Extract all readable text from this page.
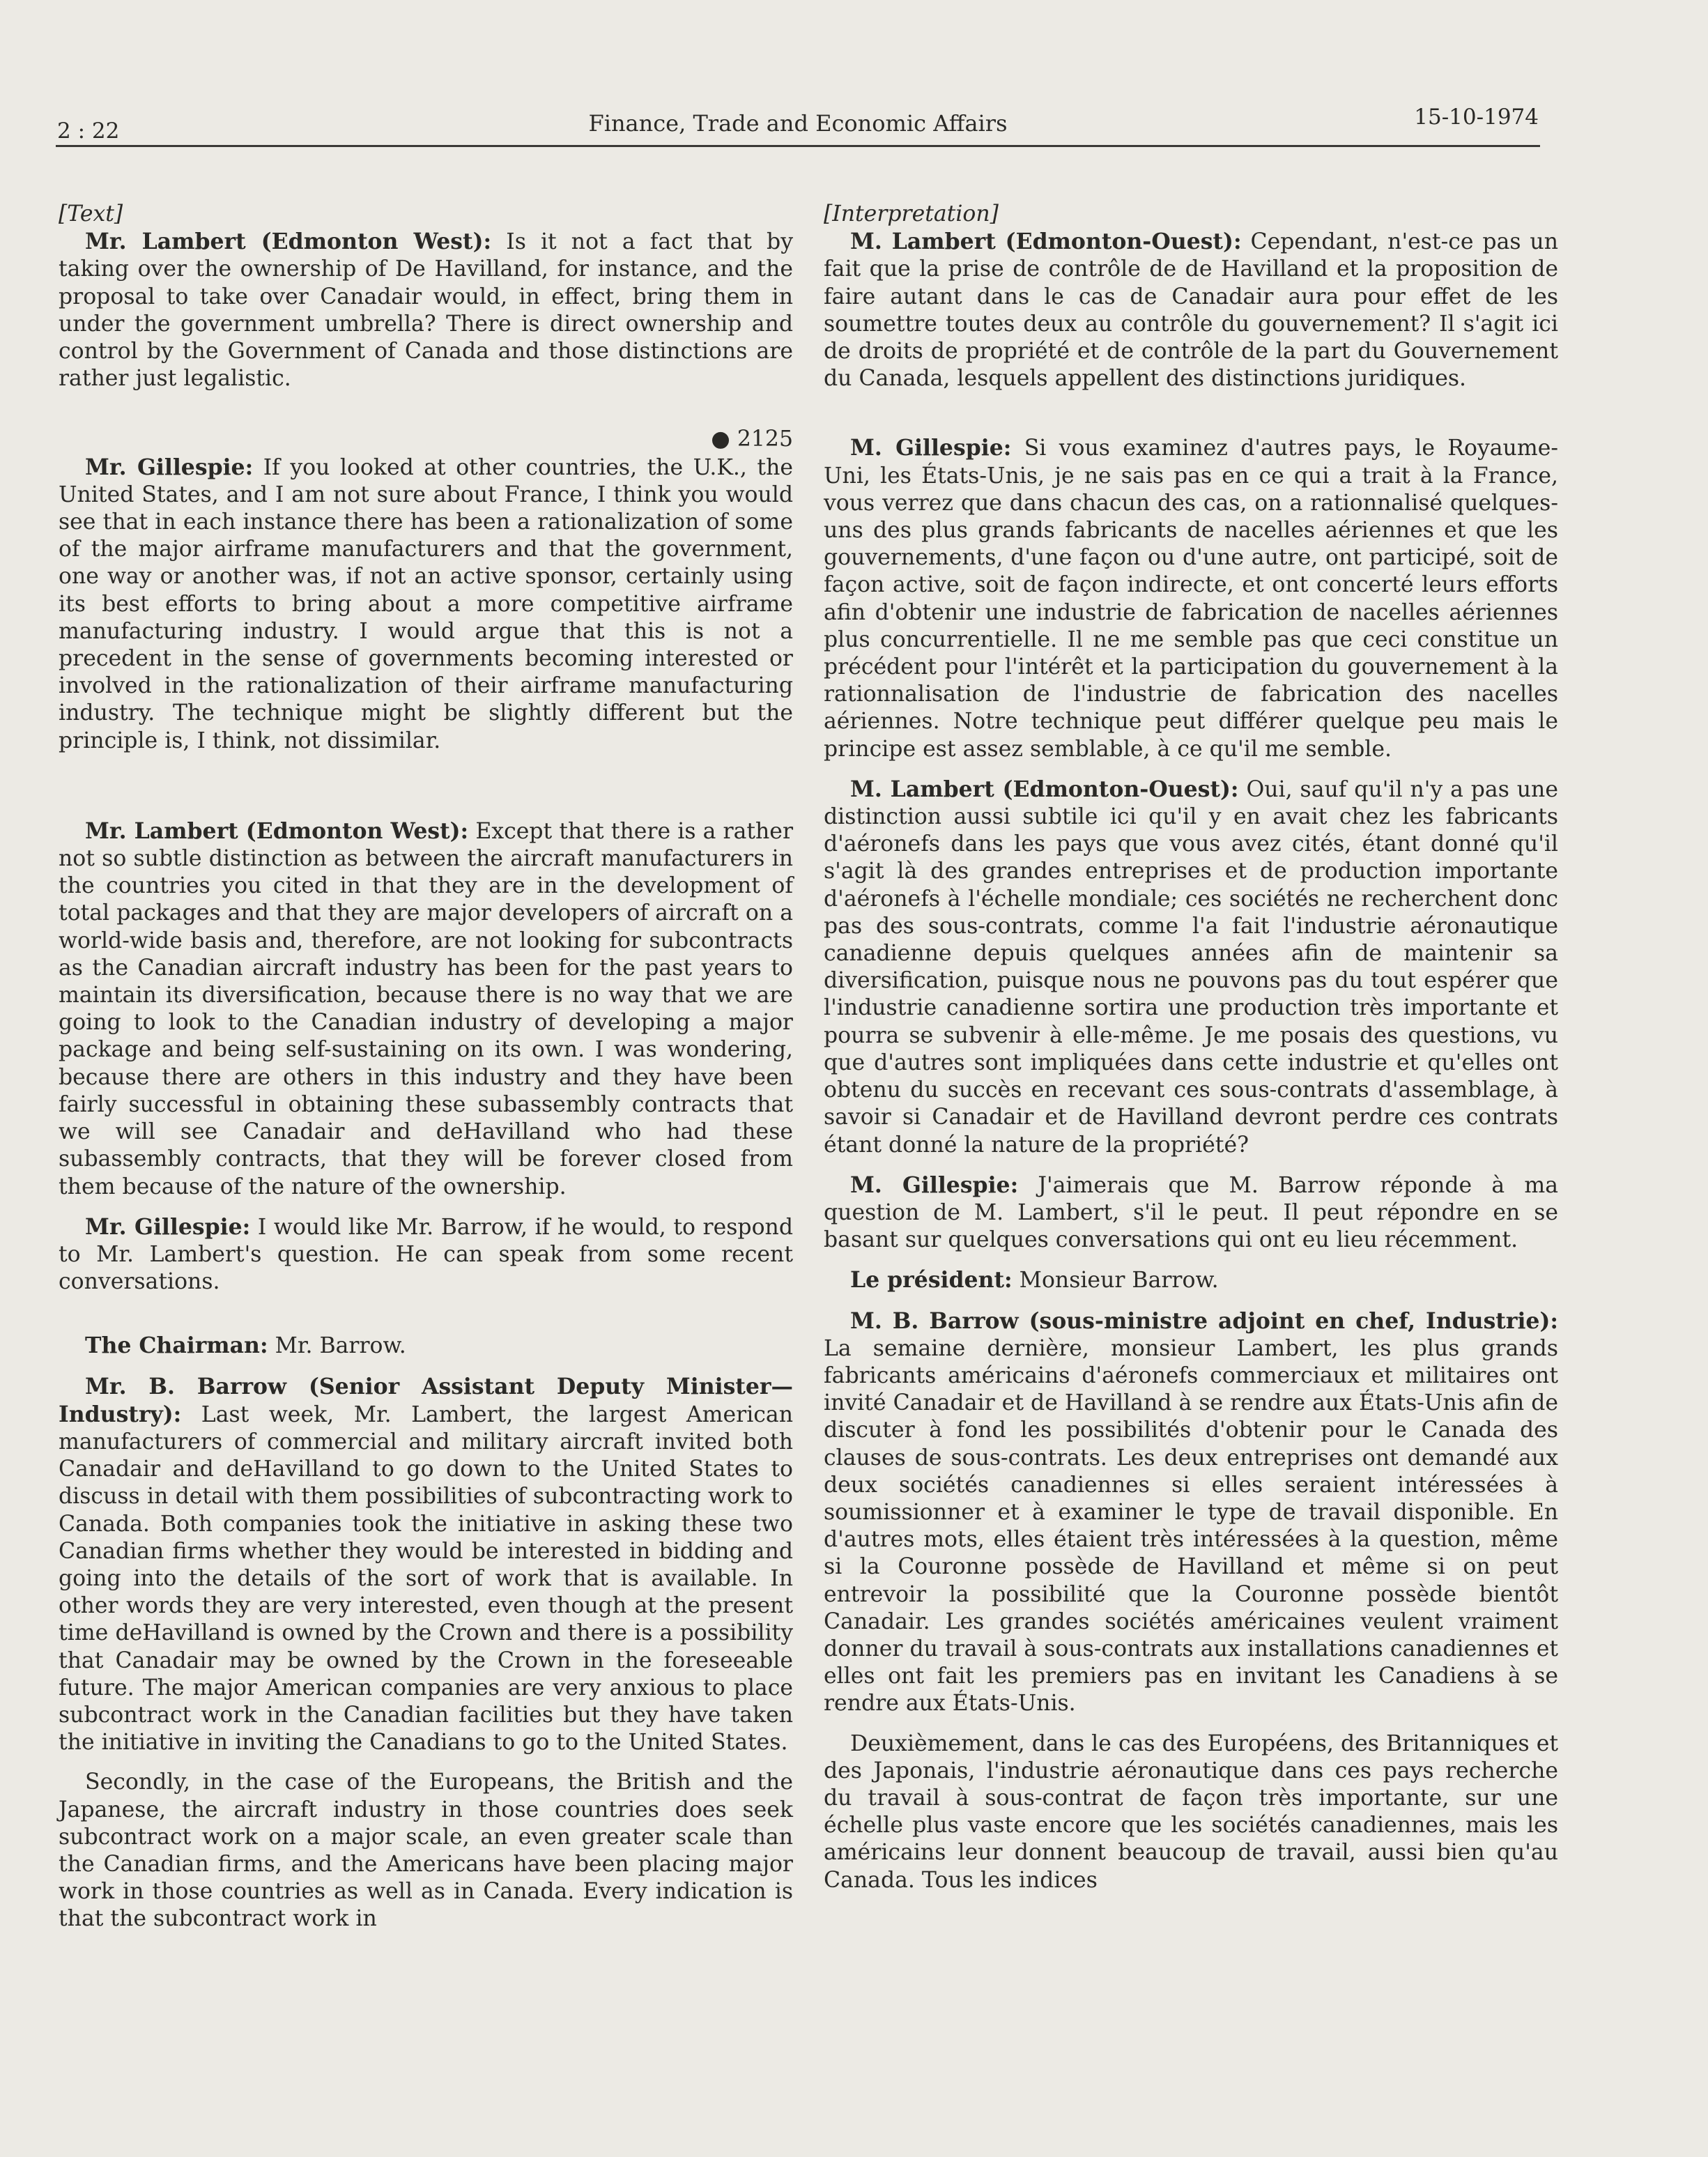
2 : 22	Finance, Trade and Economic Affairs	15-10-1974

[Text]

Mr. Lambert (Edmonton West): Is it not a fact that by taking over the ownership of De Havilland, for instance, and the proposal to take over Canadair would, in effect, bring them in under the government umbrella? There is direct ownership and control by the Government of Canada and those distinctions are rather just legalistic.

● 2125

Mr. Gillespie: If you looked at other countries, the U.K., the United States, and I am not sure about France, I think you would see that in each instance there has been a rationalization of some of the major airframe manufacturers and that the government, one way or another was, if not an active sponsor, certainly using its best efforts to bring about a more competitive airframe manufacturing industry. I would argue that this is not a precedent in the sense of governments becoming interested or involved in the rationalization of their airframe manufacturing industry. The technique might be slightly different but the principle is, I think, not dissimilar.

Mr. Lambert (Edmonton West): Except that there is a rather not so subtle distinction as between the aircraft manufacturers in the countries you cited in that they are in the development of total packages and that they are major developers of aircraft on a world-wide basis and, therefore, are not looking for subcontracts as the Canadian aircraft industry has been for the past years to maintain its diversification, because there is no way that we are going to look to the Canadian industry of developing a major package and being self-sustaining on its own. I was wondering, because there are others in this industry and they have been fairly successful in obtaining these subassembly contracts that we will see Canadair and deHavilland who had these subassembly contracts, that they will be forever closed from them because of the nature of the ownership.

Mr. Gillespie: I would like Mr. Barrow, if he would, to respond to Mr. Lambert's question. He can speak from some recent conversations.

The Chairman: Mr. Barrow.

Mr. B. Barrow (Senior Assistant Deputy Minister—Industry): Last week, Mr. Lambert, the largest American manufacturers of commercial and military aircraft invited both Canadair and deHavilland to go down to the United States to discuss in detail with them possibilities of subcontracting work to Canada. Both companies took the initiative in asking these two Canadian firms whether they would be interested in bidding and going into the details of the sort of work that is available. In other words they are very interested, even though at the present time deHavilland is owned by the Crown and there is a possibility that Canadair may be owned by the Crown in the foreseeable future. The major American companies are very anxious to place subcontract work in the Canadian facilities but they have taken the initiative in inviting the Canadians to go to the United States.

Secondly, in the case of the Europeans, the British and the Japanese, the aircraft industry in those countries does seek subcontract work on a major scale, an even greater scale than the Canadian firms, and the Americans have been placing major work in those countries as well as in Canada. Every indication is that the subcontract work in

[Interpretation]

M. Lambert (Edmonton-Ouest): Cependant, n'est-ce pas un fait que la prise de contrôle de de Havilland et la proposition de faire autant dans le cas de Canadair aura pour effet de les soumettre toutes deux au contrôle du gouvernement? Il s'agit ici de droits de propriété et de contrôle de la part du Gouvernement du Canada, lesquels appellent des distinctions juridiques.

M. Gillespie: Si vous examinez d'autres pays, le Royaume-Uni, les États-Unis, je ne sais pas en ce qui a trait à la France, vous verrez que dans chacun des cas, on a rationnalisé quelques-uns des plus grands fabricants de nacelles aériennes et que les gouvernements, d'une façon ou d'une autre, ont participé, soit de façon active, soit de façon indirecte, et ont concerté leurs efforts afin d'obtenir une industrie de fabrication de nacelles aériennes plus concurrentielle. Il ne me semble pas que ceci constitue un précédent pour l'intérêt et la participation du gouvernement à la rationnalisation de l'industrie de fabrication des nacelles aériennes. Notre technique peut différer quelque peu mais le principe est assez semblable, à ce qu'il me semble.

M. Lambert (Edmonton-Ouest): Oui, sauf qu'il n'y a pas une distinction aussi subtile ici qu'il y en avait chez les fabricants d'aéronefs dans les pays que vous avez cités, étant donné qu'il s'agit là des grandes entreprises et de production importante d'aéronefs à l'échelle mondiale; ces sociétés ne recherchent donc pas des sous-contrats, comme l'a fait l'industrie aéronautique canadienne depuis quelques années afin de maintenir sa diversification, puisque nous ne pouvons pas du tout espérer que l'industrie canadienne sortira une production très importante et pourra se subvenir à elle-même. Je me posais des questions, vu que d'autres sont impliquées dans cette industrie et qu'elles ont obtenu du succès en recevant ces sous-contrats d'assemblage, à savoir si Canadair et de Havilland devront perdre ces contrats étant donné la nature de la propriété?

M. Gillespie: J'aimerais que M. Barrow réponde à ma question de M. Lambert, s'il le peut. Il peut répondre en se basant sur quelques conversations qui ont eu lieu récemment.

Le président: Monsieur Barrow.

M. B. Barrow (sous-ministre adjoint en chef, Industrie): La semaine dernière, monsieur Lambert, les plus grands fabricants américains d'aéronefs commerciaux et militaires ont invité Canadair et de Havilland à se rendre aux États-Unis afin de discuter à fond les possibilités d'obtenir pour le Canada des clauses de sous-contrats. Les deux entreprises ont demandé aux deux sociétés canadiennes si elles seraient intéressées à soumissionner et à examiner le type de travail disponible. En d'autres mots, elles étaient très intéressées à la question, même si la Couronne possède de Havilland et même si on peut entrevoir la possibilité que la Couronne possède bientôt Canadair. Les grandes sociétés américaines veulent vraiment donner du travail à sous-contrats aux installations canadiennes et elles ont fait les premiers pas en invitant les Canadiens à se rendre aux États-Unis.

Deuxièmement, dans le cas des Européens, des Britanniques et des Japonais, l'industrie aéronautique dans ces pays recherche du travail à sous-contrat de façon très importante, sur une échelle plus vaste encore que les sociétés canadiennes, mais les américains leur donnent beaucoup de travail, aussi bien qu'au Canada. Tous les indices
